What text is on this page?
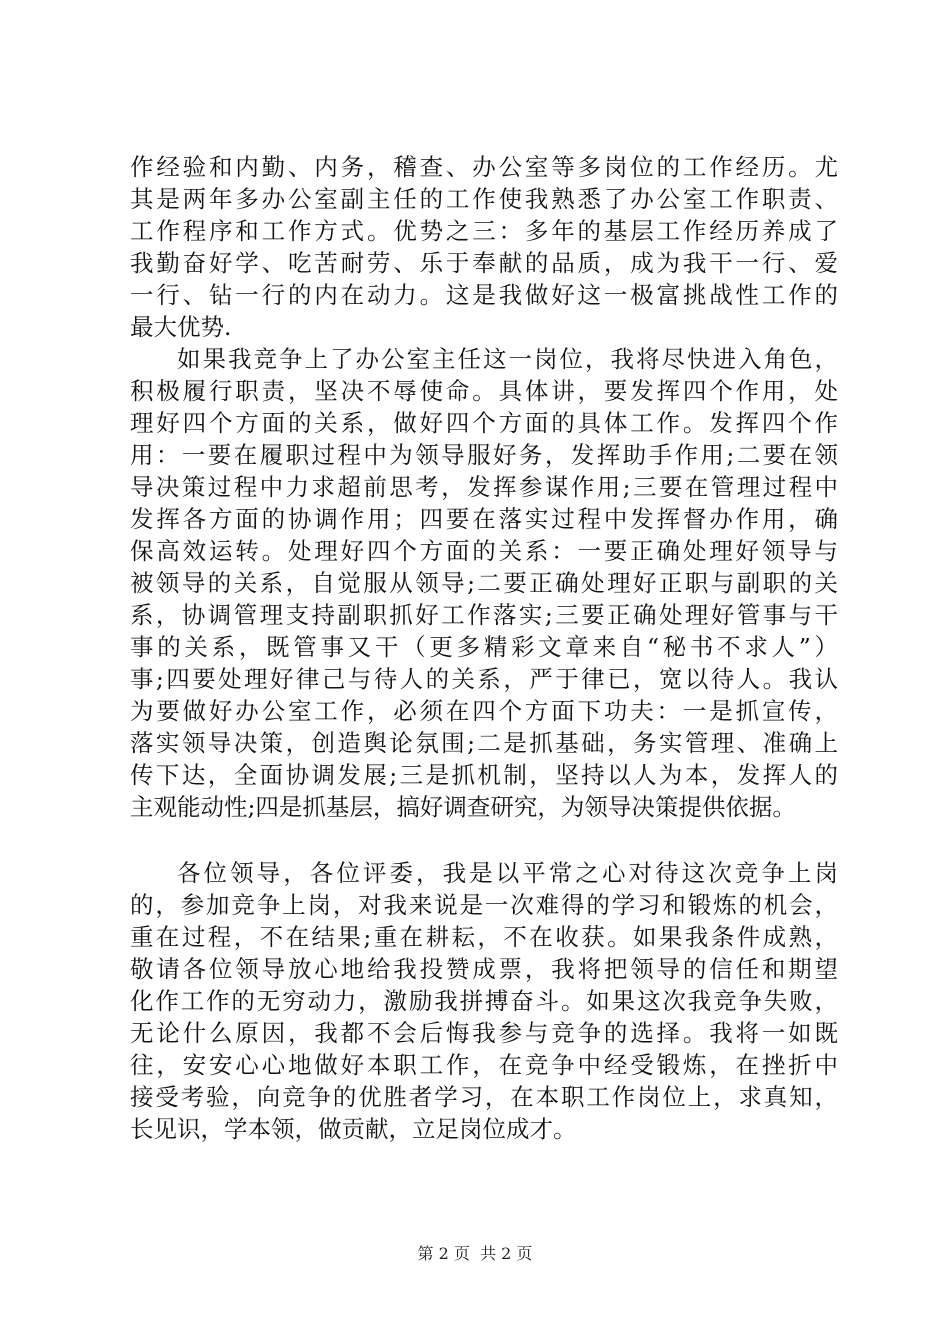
作经验和内勤、内务，稽查、办公室等多岗位的工作经历。尤
其是两年多办公室副主任的工作使我熟悉了办公室工作职责、
工作程序和工作方式。优势之三：多年的基层工作经历养成了
我勤奋好学、吃苦耐劳、乐于奉献的品质，成为我干一行、爱
一行、钻一行的内在动力。这是我做好这一极富挑战性工作的
最大优势.
如果我竞争上了办公室主任这一岗位，我将尽快进入角色，
积极履行职责，坚决不辱使命。具体讲，要发挥四个作用，处
理好四个方面的关系，做好四个方面的具体工作。发挥四个作
用：一要在履职过程中为领导服好务，发挥助手作用;二要在领
导决策过程中力求超前思考，发挥参谋作用;三要在管理过程中
发挥各方面的协调作用；四要在落实过程中发挥督办作用，确
保高效运转。处理好四个方面的关系：一要正确处理好领导与
被领导的关系，自觉服从领导;二要正确处理好正职与副职的关
系，协调管理支持副职抓好工作落实;三要正确处理好管事与干
事的关系，既管事又干（更多精彩文章来自“秘书不求人”）
事;四要处理好律己与待人的关系，严于律已，宽以待人。我认
为要做好办公室工作，必须在四个方面下功夫：一是抓宣传，
落实领导决策，创造舆论氛围;二是抓基础，务实管理、准确上
传下达，全面协调发展;三是抓机制，坚持以人为本，发挥人的
主观能动性;四是抓基层，搞好调查研究，为领导决策提供依据。
各位领导，各位评委，我是以平常之心对待这次竞争上岗
的，参加竞争上岗，对我来说是一次难得的学习和锻炼的机会，
重在过程，不在结果;重在耕耘，不在收获。如果我条件成熟，
敬请各位领导放心地给我投赞成票，我将把领导的信任和期望
化作工作的无穷动力，激励我拼搏奋斗。如果这次我竞争失败，
无论什么原因，我都不会后悔我参与竞争的选择。我将一如既
往，安安心心地做好本职工作，在竞争中经受锻炼，在挫折中
接受考验，向竞争的优胜者学习，在本职工作岗位上，求真知，
长见识，学本领，做贡献，立足岗位成才。
第 2 页  共 2 页
